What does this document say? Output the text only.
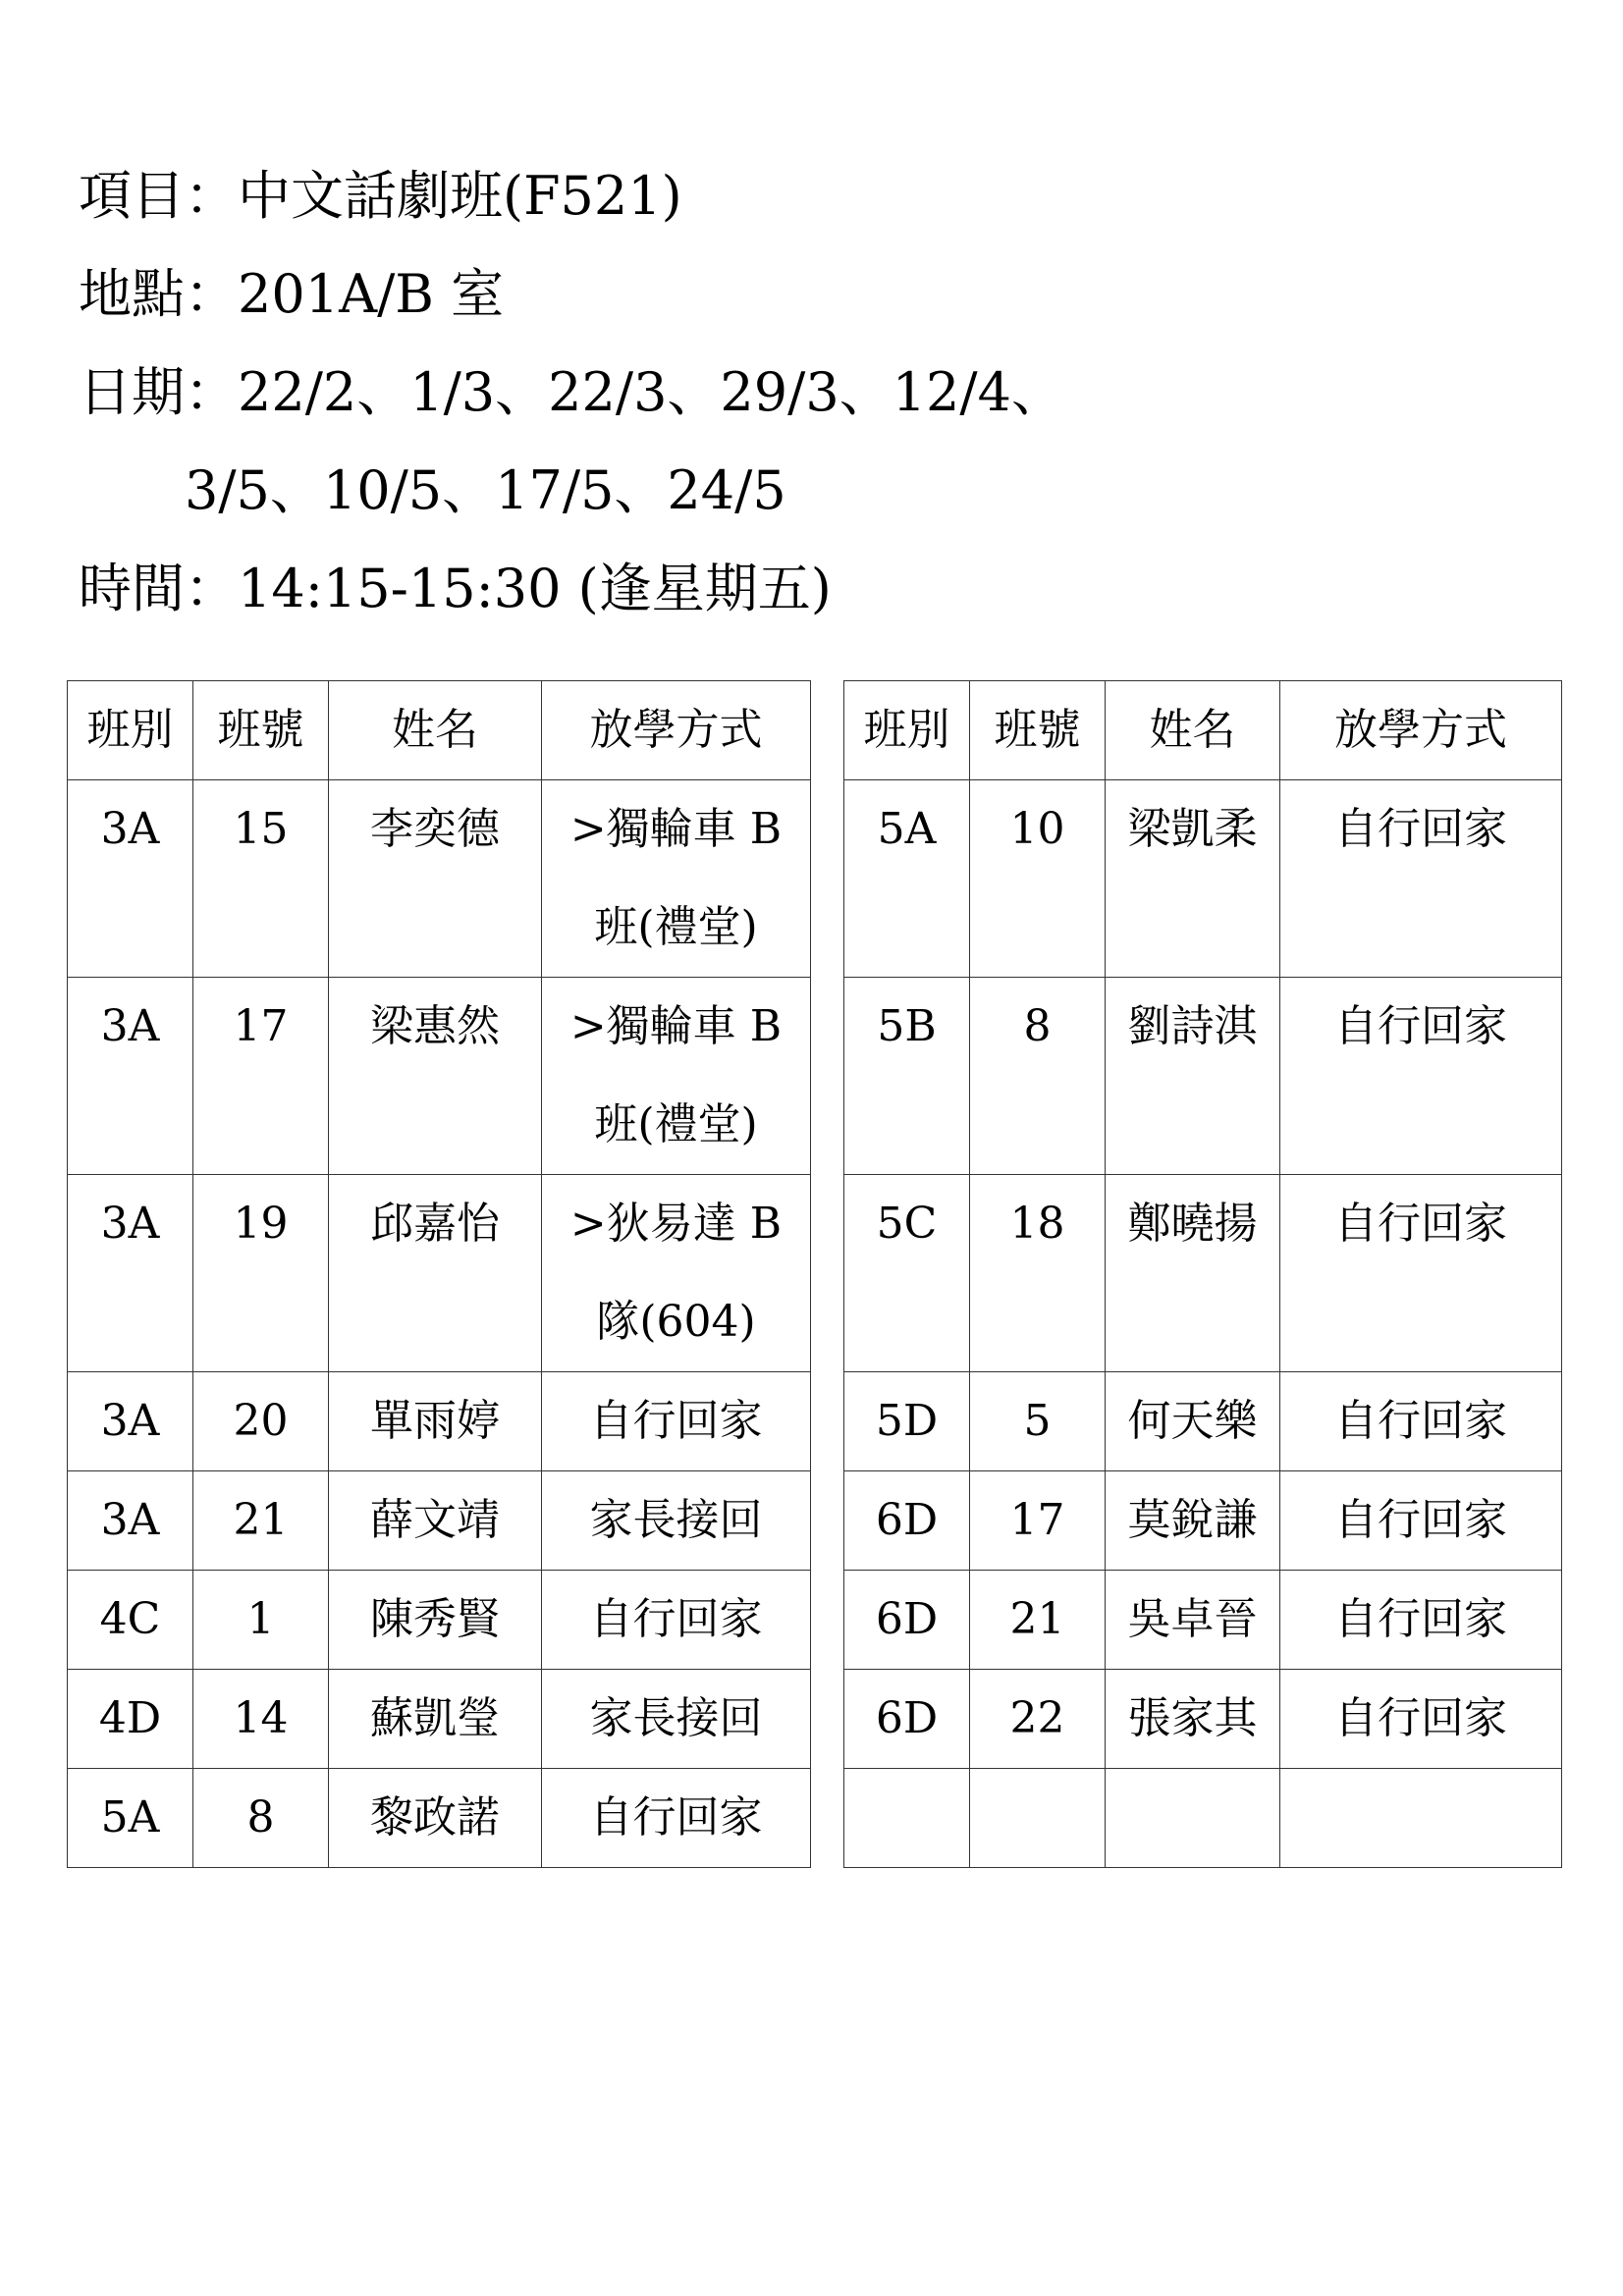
項目：中文話劇班(F521)
地點：201A/B 室
日期：22/2、1/3、22/3、29/3、12/4、
3/5、10/5、17/5、24/5
時間：14:15-15:30 (逢星期五)
班別	班號	姓名	放學方式
3A	15	李奕德	>獨輪車 B
班(禮堂)

3A	17	梁惠然	>獨輪車 B
班(禮堂)

3A	19	邱嘉怡	>狄易達 B
隊(604)

3A	20	單雨婷	自行回家
3A	21	薛文靖	家長接回
4C	1	陳秀賢	自行回家
4D	14	蘇凱瑩	家長接回
5A	8	黎政諾	自行回家
班別	班號	姓名	放學方式
5A	10	梁凱柔	自行回家
5B	8	劉詩淇	自行回家
5C	18	鄭曉揚	自行回家
5D	5	何天樂	自行回家
6D	17	莫銳謙	自行回家
6D	21	吳卓晉	自行回家
6D	22	張家其	自行回家
